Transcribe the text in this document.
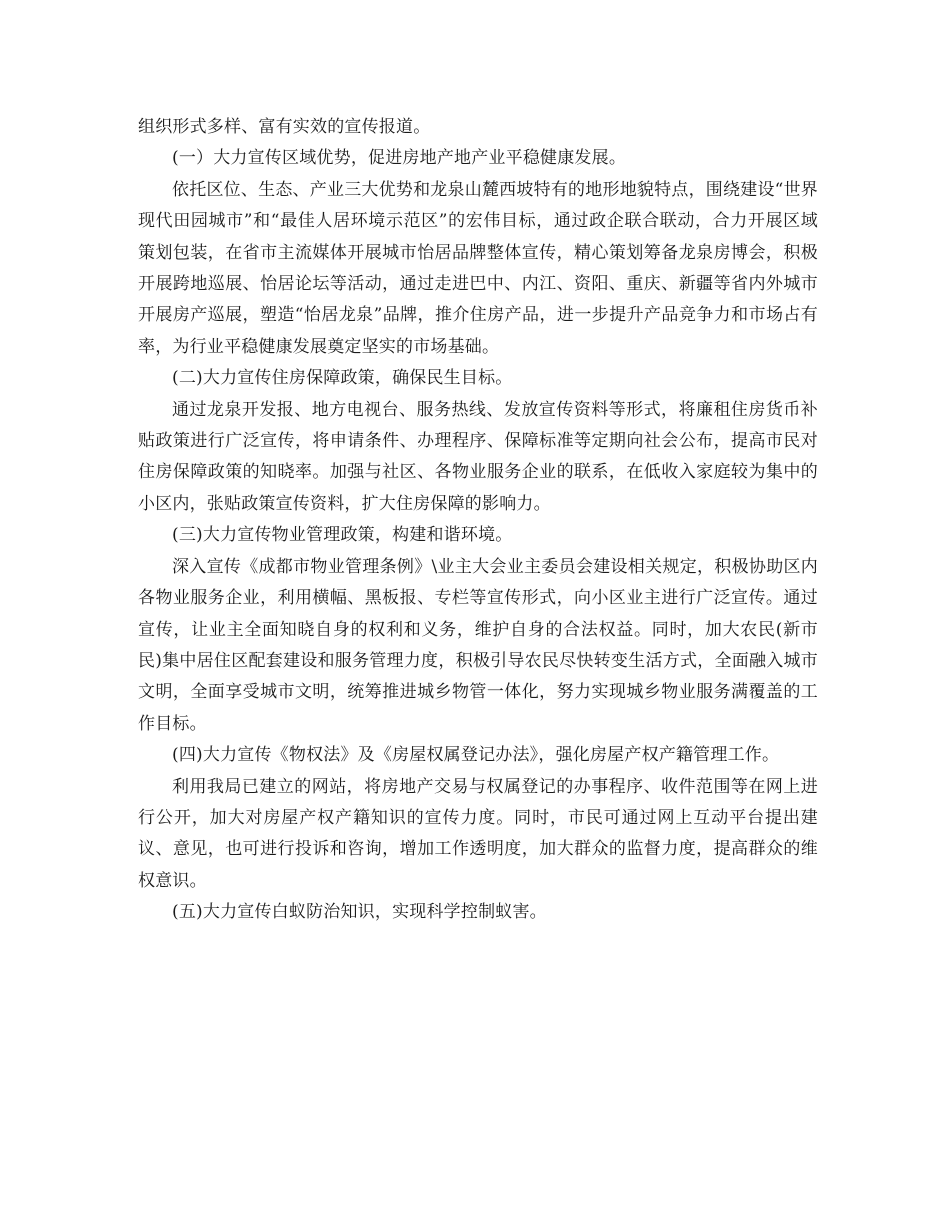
组织形式多样、富有实效的宣传报道。

(一）大力宣传区域优势，促进房地产地产业平稳健康发展。

依托区位、生态、产业三大优势和龙泉山麓西坡特有的地形地貌特点，围绕建设“世界现代田园城市”和“最佳人居环境示范区”的宏伟目标，通过政企联合联动，合力开展区域策划包装，在省市主流媒体开展城市怡居品牌整体宣传，精心策划筹备龙泉房博会，积极开展跨地巡展、怡居论坛等活动，通过走进巴中、内江、资阳、重庆、新疆等省内外城市开展房产巡展，塑造“怡居龙泉”品牌，推介住房产品，进一步提升产品竞争力和市场占有率，为行业平稳健康发展奠定坚实的市场基础。

(二)大力宣传住房保障政策，确保民生目标。

通过龙泉开发报、地方电视台、服务热线、发放宣传资料等形式，将廉租住房货币补贴政策进行广泛宣传，将申请条件、办理程序、保障标准等定期向社会公布，提高市民对住房保障政策的知晓率。加强与社区、各物业服务企业的联系，在低收入家庭较为集中的小区内，张贴政策宣传资料，扩大住房保障的影响力。

(三)大力宣传物业管理政策，构建和谐环境。

深入宣传《成都市物业管理条例》\业主大会业主委员会建设相关规定，积极协助区内各物业服务企业，利用横幅、黑板报、专栏等宣传形式，向小区业主进行广泛宣传。通过宣传，让业主全面知晓自身的权利和义务，维护自身的合法权益。同时，加大农民(新市民)集中居住区配套建设和服务管理力度，积极引导农民尽快转变生活方式，全面融入城市文明，全面享受城市文明，统筹推进城乡物管一体化，努力实现城乡物业服务满覆盖的工作目标。

(四)大力宣传《物权法》及《房屋权属登记办法》，强化房屋产权产籍管理工作。

利用我局已建立的网站，将房地产交易与权属登记的办事程序、收件范围等在网上进行公开，加大对房屋产权产籍知识的宣传力度。同时，市民可通过网上互动平台提出建议、意见，也可进行投诉和咨询，增加工作透明度，加大群众的监督力度，提高群众的维权意识。

(五)大力宣传白蚁防治知识，实现科学控制蚁害。
